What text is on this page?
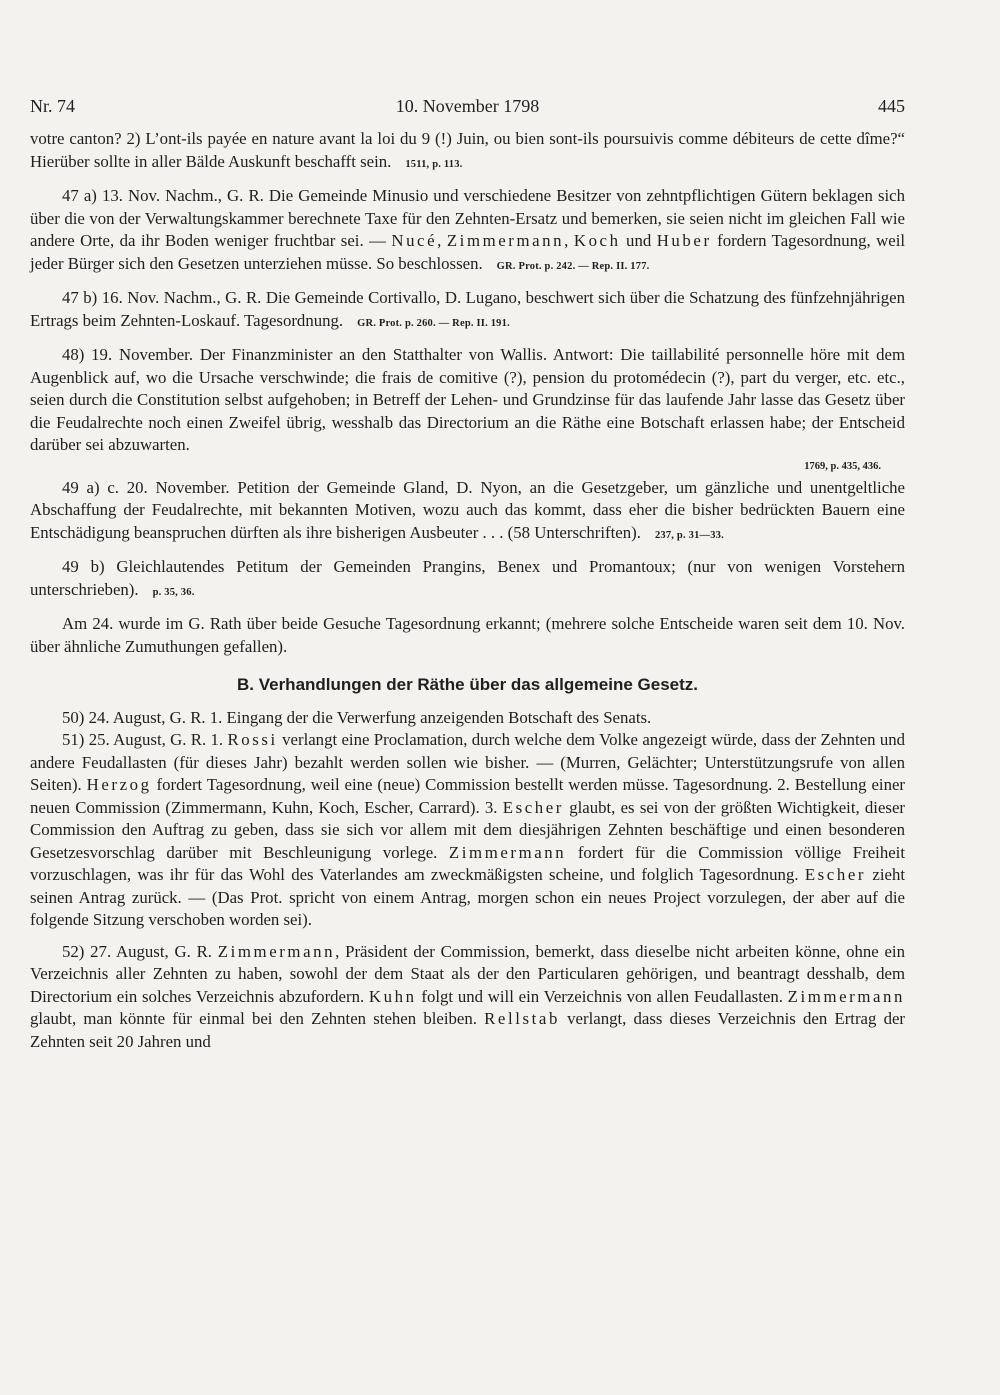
Nr. 74	10. November 1798	445

votre canton? 2) L’ont-ils payée en nature avant la loi du 9 (!) Juin, ou bien sont-ils poursuivis comme débiteurs de cette dîme?“ Hierüber sollte in aller Bälde Auskunft beschafft sein. 1511, p. 113.

47 a) 13. Nov. Nachm., G. R. Die Gemeinde Minusio und verschiedene Besitzer von zehntpflichtigen Gütern beklagen sich über die von der Verwaltungskammer berechnete Taxe für den Zehnten-Ersatz und bemerken, sie seien nicht im gleichen Fall wie andere Orte, da ihr Boden weniger fruchtbar sei. — Nucé, Zimmermann, Koch und Huber fordern Tagesordnung, weil jeder Bürger sich den Gesetzen unterziehen müsse. So beschlossen. GR. Prot. p. 242. — Rep. II. 177.

47 b) 16. Nov. Nachm., G. R. Die Gemeinde Cortivallo, D. Lugano, beschwert sich über die Schatzung des fünfzehnjährigen Ertrags beim Zehnten-Loskauf. Tagesordnung. GR. Prot. p. 260. — Rep. II. 191.

48) 19. November. Der Finanzminister an den Statthalter von Wallis. Antwort: Die taillabilité personnelle höre mit dem Augenblick auf, wo die Ursache verschwinde; die frais de comitive (?), pension du protomédecin (?), part du verger, etc. etc., seien durch die Constitution selbst aufgehoben; in Betreff der Lehen- und Grundzinse für das laufende Jahr lasse das Gesetz über die Feudalrechte noch einen Zweifel übrig, wesshalb das Directorium an die Räthe eine Botschaft erlassen habe; der Entscheid darüber sei abzuwarten.

1769, p. 435, 436.

49 a) c. 20. November. Petition der Gemeinde Gland, D. Nyon, an die Gesetzgeber, um gänzliche und unentgeltliche Abschaffung der Feudalrechte, mit bekannten Motiven, wozu auch das kommt, dass eher die bisher bedrückten Bauern eine Entschädigung beanspruchen dürften als ihre bisherigen Ausbeuter . . . (58 Unterschriften). 237, p. 31—33.

49 b) Gleichlautendes Petitum der Gemeinden Prangins, Benex und Promantoux; (nur von wenigen Vorstehern unterschrieben). p. 35, 36.

Am 24. wurde im G. Rath über beide Gesuche Tagesordnung erkannt; (mehrere solche Entscheide waren seit dem 10. Nov. über ähnliche Zumuthungen gefallen).

B. Verhandlungen der Räthe über das allgemeine Gesetz.

50) 24. August, G. R. 1. Eingang der die Verwerfung anzeigenden Botschaft des Senats.

51) 25. August, G. R. 1. Rossi verlangt eine Proclamation, durch welche dem Volke angezeigt würde, dass der Zehnten und andere Feudallasten (für dieses Jahr) bezahlt werden sollen wie bisher. — (Murren, Gelächter; Unterstützungsrufe von allen Seiten). Herzog fordert Tagesordnung, weil eine (neue) Commission bestellt werden müsse. Tagesordnung. 2. Bestellung einer neuen Commission (Zimmermann, Kuhn, Koch, Escher, Carrard). 3. Escher glaubt, es sei von der größten Wichtigkeit, dieser Commission den Auftrag zu geben, dass sie sich vor allem mit dem diesjährigen Zehnten beschäftige und einen besonderen Gesetzesvorschlag darüber mit Beschleunigung vorlege. Zimmermann fordert für die Commission völlige Freiheit vorzuschlagen, was ihr für das Wohl des Vaterlandes am zweckmäßigsten scheine, und folglich Tagesordnung. Escher zieht seinen Antrag zurück. — (Das Prot. spricht von einem Antrag, morgen schon ein neues Project vorzulegen, der aber auf die folgende Sitzung verschoben worden sei).

52) 27. August, G. R. Zimmermann, Präsident der Commission, bemerkt, dass dieselbe nicht arbeiten könne, ohne ein Verzeichnis aller Zehnten zu haben, sowohl der dem Staat als der den Particularen gehörigen, und beantragt desshalb, dem Directorium ein solches Verzeichnis abzufordern. Kuhn folgt und will ein Verzeichnis von allen Feudallasten. Zimmermann glaubt, man könnte für einmal bei den Zehnten stehen bleiben. Rellstab verlangt, dass dieses Verzeichnis den Ertrag der Zehnten seit 20 Jahren und
